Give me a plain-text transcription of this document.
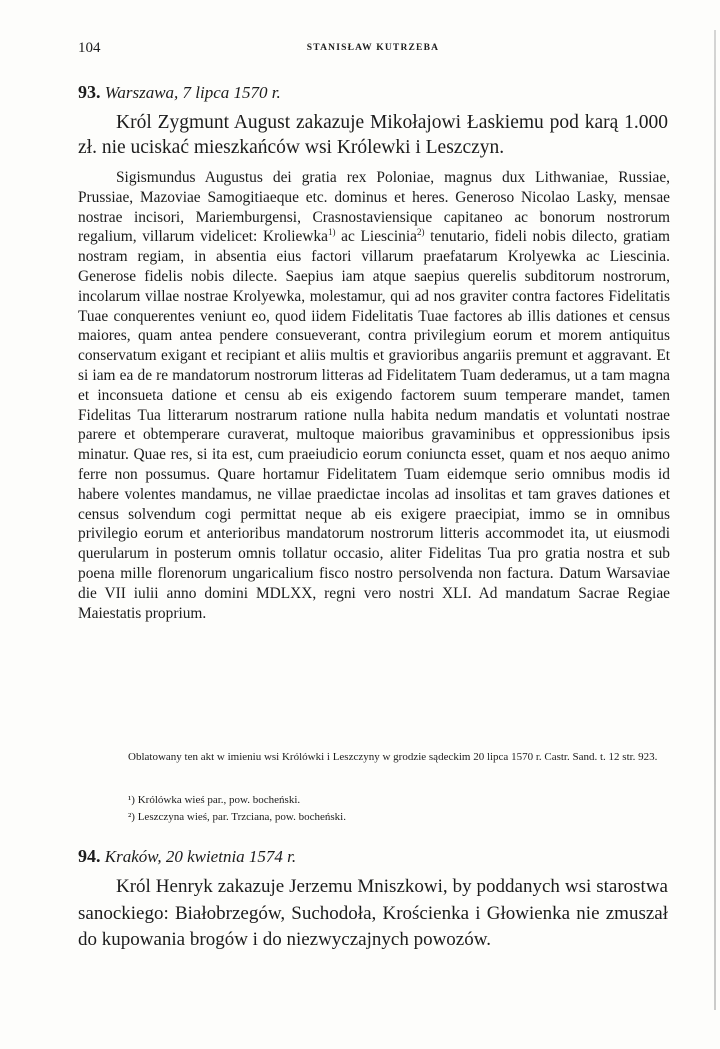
104	STANISŁAW KUTRZEBA
93. Warszawa, 7 lipca 1570 r.

Król Zygmunt August zakazuje Mikołajowi Łaskiemu pod karą 1.000 zł. nie uciskać mieszkańców wsi Królewki i Leszczyn.

Sigismundus Augustus dei gratia rex Poloniae, magnus dux Lithwaniae, Russiae, Prussiae, Mazoviae Samogitiaeque etc. dominus et heres. Generoso Nicolao Lasky, mensae nostrae incisori, Mariemburgensi, Crasnostaviensique capitaneo ac bonorum nostrorum regalium, villarum videlicet: Kroliewka$^{1)}$ ac Liescinia$^{2)}$ tenutario, fideli nobis dilecto, gratiam nostram regiam, in absentia eius factori villarum praefatarum Krolyewka ac Liescinia. Generose fidelis nobis dilecte. Saepius iam atque saepius querelis subditorum nostrorum, incolarum villae nostrae Krolyewka, molestamur, qui ad nos graviter contra factores Fidelitatis Tuae conquerentes veniunt eo, quod iidem Fidelitatis Tuae factores ab illis dationes et census maiores, quam antea pendere consueverant, contra privilegium eorum et morem antiquitus conservatum exigant et recipiant et aliis multis et gravioribus angariis premunt et aggravant. Et si iam ea de re mandatorum nostrorum litteras ad Fidelitatem Tuam dederamus, ut a tam magna et inconsueta datione et censu ab eis exigendo factorem suum temperare mandet, tamen Fidelitas Tua litterarum nostrarum ratione nulla habita nedum mandatis et voluntati nostrae parere et obtemperare curaverat, multoque maioribus gravaminibus et oppressionibus ipsis minatur. Quae res, si ita est, cum praeiudicio eorum coniuncta esset, quam et nos aequo animo ferre non possumus. Quare hortamur Fidelitatem Tuam eidemque serio omnibus modis id habere volentes mandamus, ne villae praedictae incolas ad insolitas et tam graves dationes et census solvendum cogi permittat neque ab eis exigere praecipiat, immo se in omnibus privilegio eorum et anterioribus mandatorum nostrorum litteris accommodet ita, ut eiusmodi querularum in posterum omnis tollatur occasio, aliter Fidelitas Tua pro gratia nostra et sub poena mille florenorum ungaricalium fisco nostro persolvenda non factura. Datum Warsaviae die VII iulii anno domini MDLXX, regni vero nostri XLI. Ad mandatum Sacrae Regiae Maiestatis proprium.

Oblatowany ten akt w imieniu wsi Królówki i Leszczyny w grodzie sądeckim 20 lipca 1570 r. Castr. Sand. t. 12 str. 923.

¹) Królówka wieś par., pow. bocheński.
²) Leszczyna wieś, par. Trzciana, pow. bocheński.
94. Kraków, 20 kwietnia 1574 r.

Król Henryk zakazuje Jerzemu Mniszkowi, by poddanych wsi starostwa sanockiego: Białobrzegów, Suchodoła, Krościenka i Głowienka nie zmuszał do kupowania brogów i do niezwyczajnych powozów.
